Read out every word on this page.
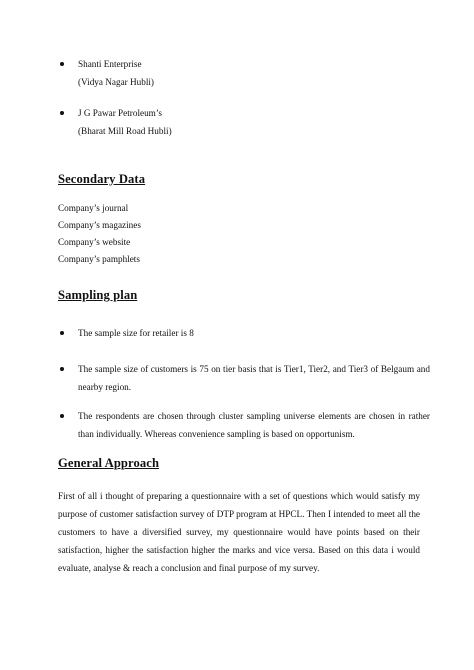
Shanti Enterprise
(Vidya Nagar Hubli)
J G Pawar Petroleum’s
(Bharat Mill Road Hubli)
Secondary Data
Company’s journal
Company’s magazines
Company’s website
Company’s pamphlets
Sampling plan
The sample size for retailer is 8
The sample size of customers is 75 on tier basis that is Tier1, Tier2, and Tier3 of Belgaum and nearby region.
The respondents are chosen through cluster sampling universe elements are chosen in rather than individually. Whereas convenience sampling is based on opportunism.
General Approach
First of all i thought of preparing a questionnaire with a set of questions which would satisfy my purpose of customer satisfaction survey of DTP program at HPCL. Then I intended to meet all the customers to have a diversified survey, my questionnaire would have points based on their satisfaction, higher the satisfaction higher the marks and vice versa. Based on this data i would evaluate, analyse & reach a conclusion and final purpose of my survey.
